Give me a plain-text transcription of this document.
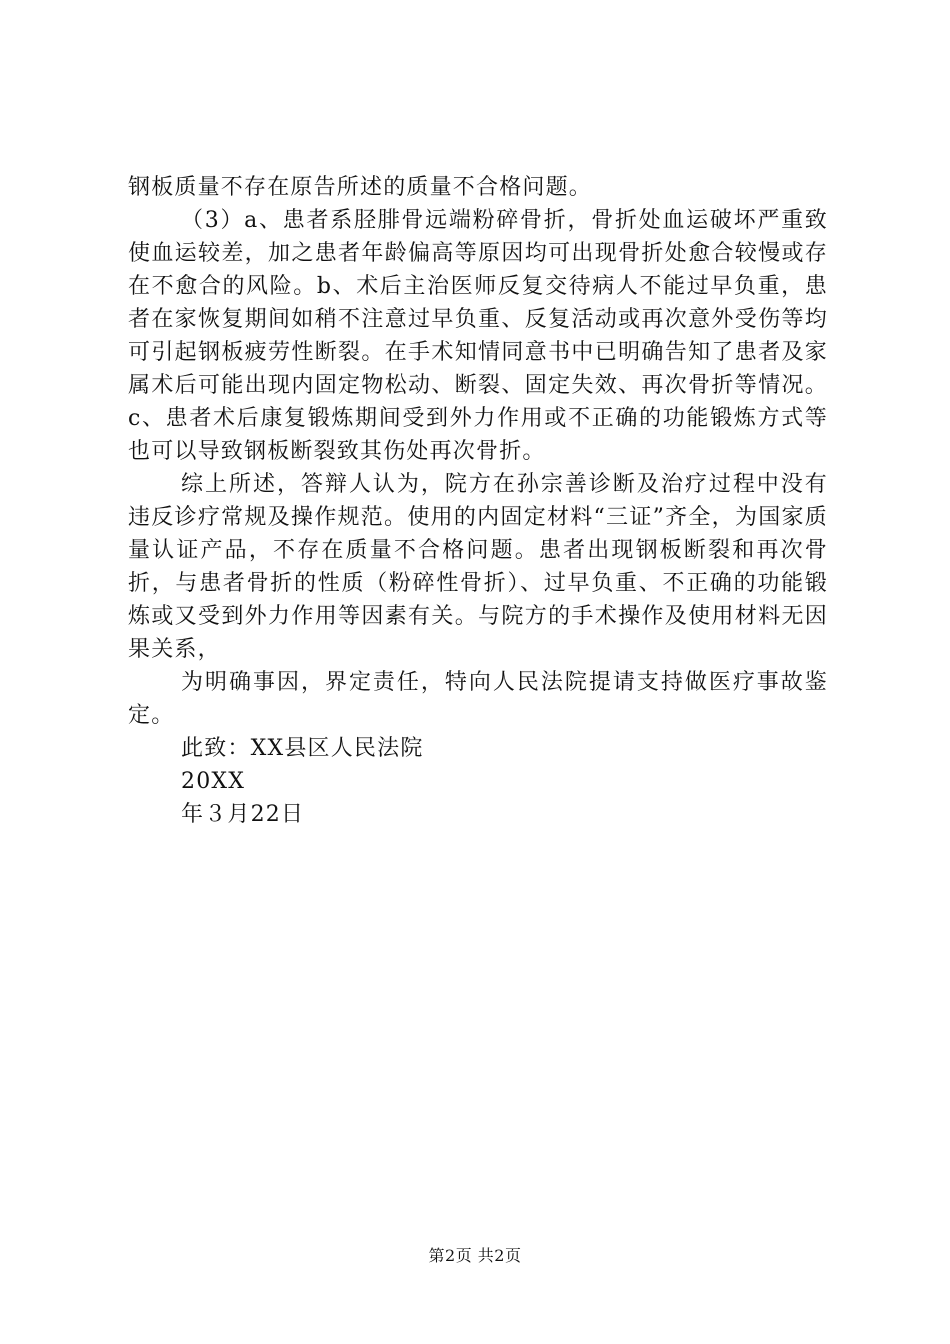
钢板质量不存在原告所述的质量不合格问题。

（3）a、患者系胫腓骨远端粉碎骨折，骨折处血运破坏严重致使血运较差，加之患者年龄偏高等原因均可出现骨折处愈合较慢或存在不愈合的风险。b、术后主治医师反复交待病人不能过早负重，患者在家恢复期间如稍不注意过早负重、反复活动或再次意外受伤等均可引起钢板疲劳性断裂。在手术知情同意书中已明确告知了患者及家属术后可能出现内固定物松动、断裂、固定失效、再次骨折等情况。c、患者术后康复锻炼期间受到外力作用或不正确的功能锻炼方式等也可以导致钢板断裂致其伤处再次骨折。

综上所述，答辩人认为，院方在孙宗善诊断及治疗过程中没有违反诊疗常规及操作规范。使用的内固定材料“三证”齐全，为国家质量认证产品，不存在质量不合格问题。患者出现钢板断裂和再次骨折，与患者骨折的性质（粉碎性骨折）、过早负重、不正确的功能锻炼或又受到外力作用等因素有关。与院方的手术操作及使用材料无因果关系，

为明确事因，界定责任，特向人民法院提请支持做医疗事故鉴定。

此致：XX县区人民法院

20XX

年３月22日

第2页 共2页
